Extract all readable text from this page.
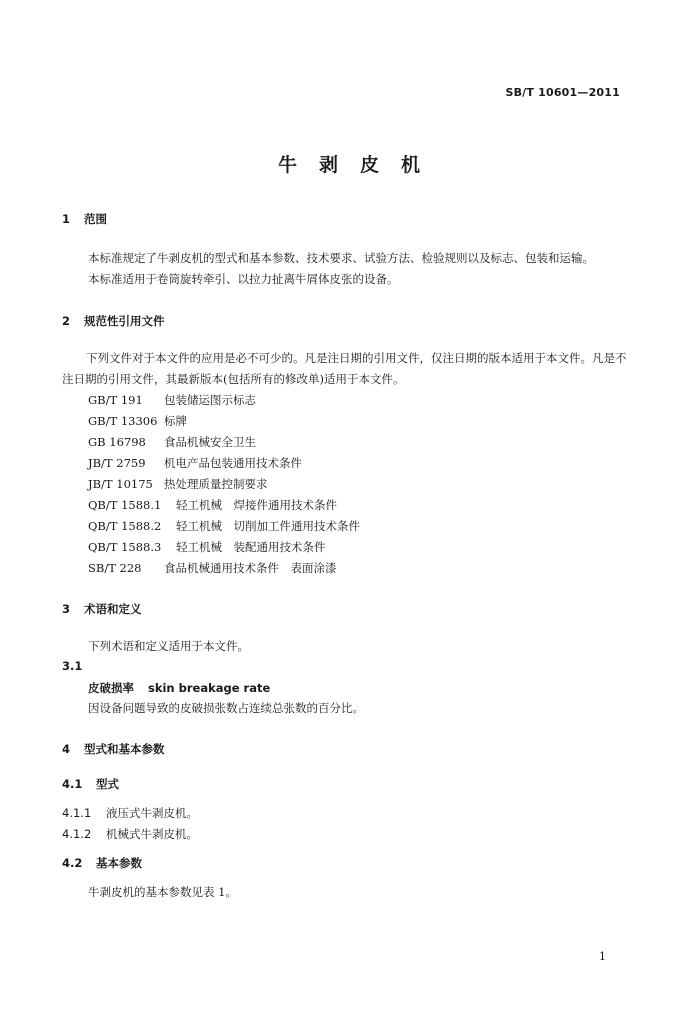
SB/T 10601—2011
牛剥皮机
1 范围
本标准规定了牛剥皮机的型式和基本参数、技术要求、试验方法、检验规则以及标志、包装和运输。
本标准适用于卷筒旋转牵引、以拉力扯离牛屑体皮张的设备。
2 规范性引用文件
下列文件对于本文件的应用是必不可少的。凡是注日期的引用文件，仅注日期的版本适用于本文件。凡是不注日期的引用文件，其最新版本(包括所有的修改单)适用于本文件。
GB/T 191 包装储运图示标志
GB/T 13306 标牌
GB 16798 食品机械安全卫生
JB/T 2759 机电产品包装通用技术条件
JB/T 10175 热处理质量控制要求
QB/T 1588.1 轻工机械　焊接件通用技术条件
QB/T 1588.2 轻工机械　切削加工件通用技术条件
QB/T 1588.3 轻工机械　装配通用技术条件
SB/T 228 食品机械通用技术条件　表面涂漆
3 术语和定义
下列术语和定义适用于本文件。
3.1
皮破损率 skin breakage rate
因设备问题导致的皮破损张数占连续总张数的百分比。
4 型式和基本参数
4.1 型式
4.1.1 液压式牛剥皮机。
4.1.2 机械式牛剥皮机。
4.2 基本参数
牛剥皮机的基本参数见表 1。
1
